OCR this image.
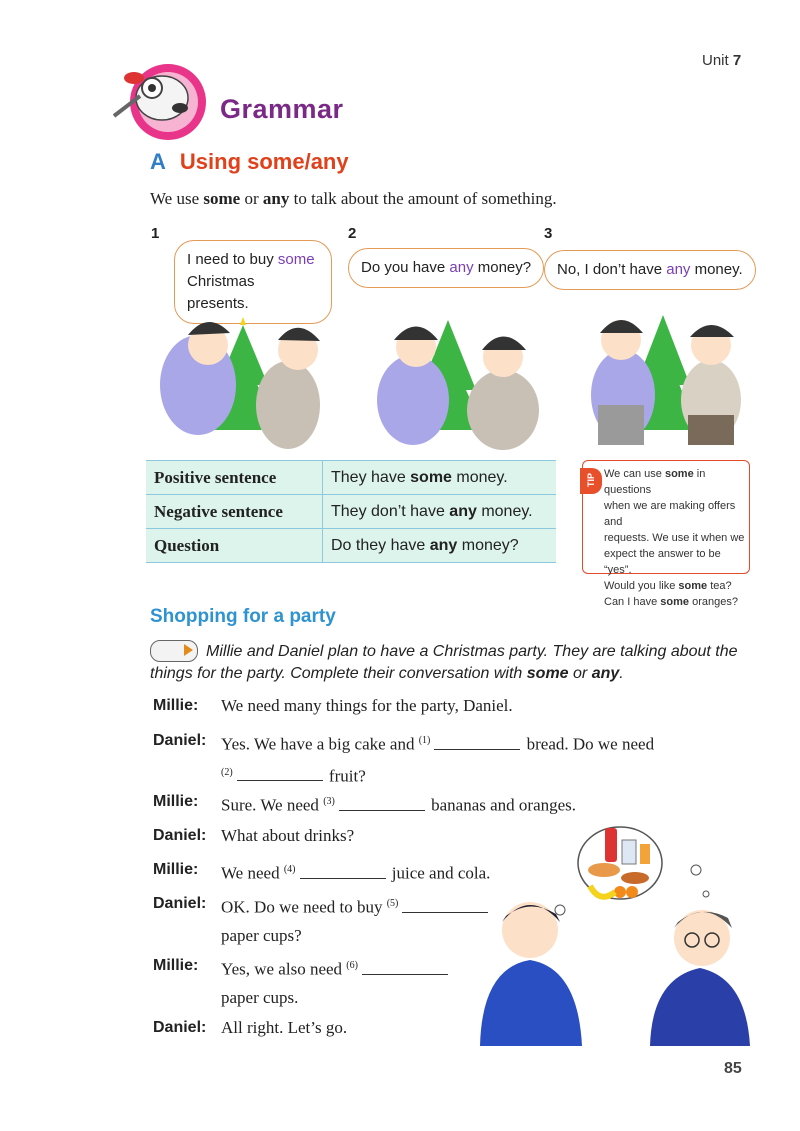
Unit 7
Grammar
A Using some/any
We use some or any to talk about the amount of something.
1	2	3
I need to buy some Christmas presents.
Do you have any money?	No, I don’t have any money.
Positive sentence	They have some money.
Negative sentence	They don’t have any money.
Question	Do they have any money?
TIP We can use some in questions
when we are making offers and
requests. We use it when we
expect the answer to be “yes”.
Would you like some tea?
Can I have some oranges?
Shopping for a party
Millie and Daniel plan to have a Christmas party. They are talking about the
things for the party. Complete their conversation with some or any.
Millie: We need many things for the party, Daniel.
Daniel: Yes. We have a big cake and $^{(1)}$	bread. Do we need
$^{(2)}$	fruit?
Millie: Sure. We need $^{(3)}$	bananas and oranges.
Daniel: What about drinks?
Millie: We need $^{(4)}$	juice and cola.
Daniel: OK. Do we need to buy $^{(5)}$
paper cups?
Millie: Yes, we also need $^{(6)}$
paper cups.
Daniel: All right. Let’s go.
85
